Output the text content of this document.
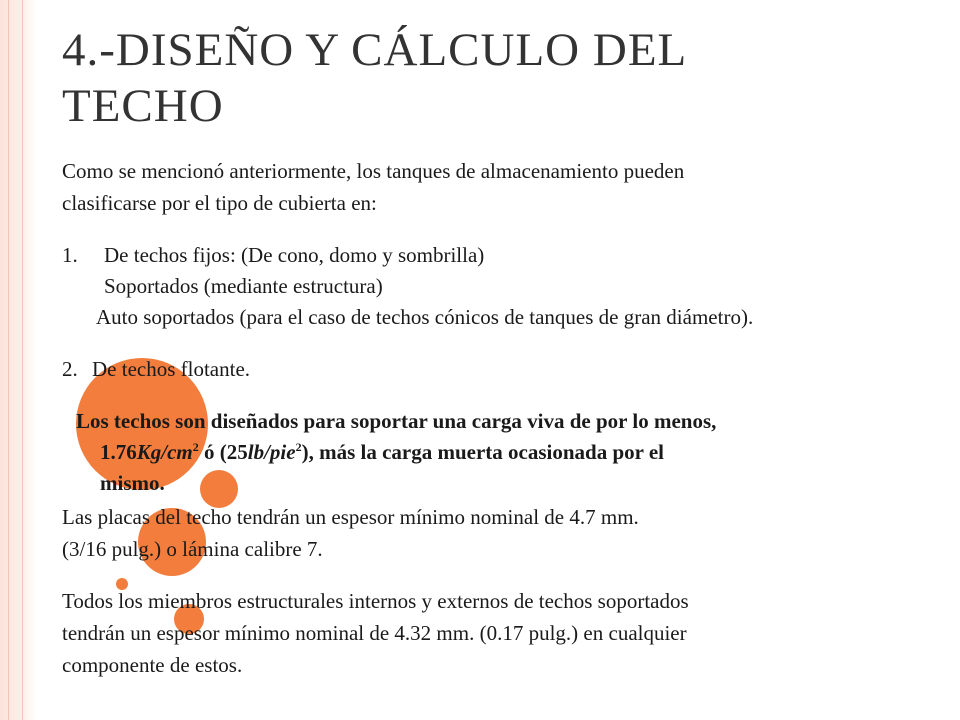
4.-DISEÑO Y CÁLCULO DEL
TECHO
Como se mencionó anteriormente, los tanques de almacenamiento pueden
clasificarse por el tipo de cubierta en:
1. De techos fijos: (De cono, domo y sombrilla)
Soportados (mediante estructura)
Auto soportados (para el caso de techos cónicos de tanques de gran diámetro).
2. De techos flotante.
Los techos son diseñados para soportar una carga viva de por lo menos,
$1.76Kg/cm^2$ ó (25lb/pie$^2$), más la carga muerta ocasionada por el
mismo.
Las placas del techo tendrán un espesor mínimo nominal de 4.7 mm.
(3/16 pulg.) o lámina calibre 7.
Todos los miembros estructurales internos y externos de techos soportados
tendrán un espesor mínimo nominal de 4.32 mm. (0.17 pulg.) en cualquier
componente de estos.
